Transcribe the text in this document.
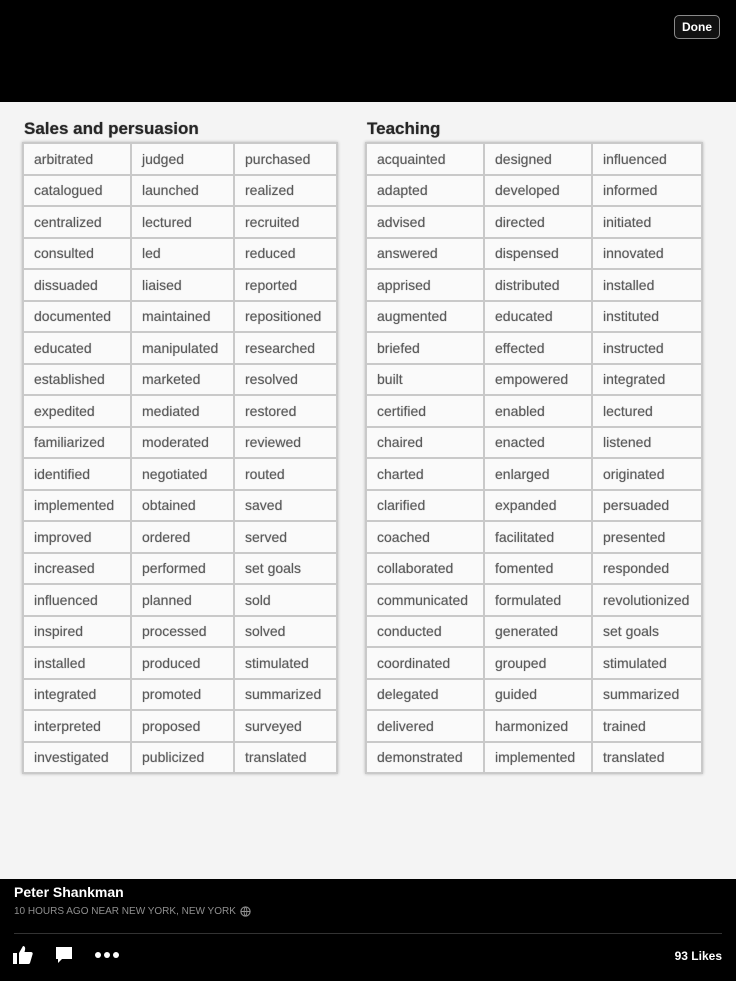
Done
Sales and persuasion
arbitrated	judged	purchased
catalogued	launched	realized
centralized	lectured	recruited
consulted	led	reduced
dissuaded	liaised	reported
documented	maintained	repositioned
educated	manipulated	researched
established	marketed	resolved
expedited	mediated	restored
familiarized	moderated	reviewed
identified	negotiated	routed
implemented	obtained	saved
improved	ordered	served
increased	performed	set goals
influenced	planned	sold
inspired	processed	solved
installed	produced	stimulated
integrated	promoted	summarized
interpreted	proposed	surveyed
investigated	publicized	translated
Teaching
acquainted	designed	influenced
adapted	developed	informed
advised	directed	initiated
answered	dispensed	innovated
apprised	distributed	installed
augmented	educated	instituted
briefed	effected	instructed
built	empowered	integrated
certified	enabled	lectured
chaired	enacted	listened
charted	enlarged	originated
clarified	expanded	persuaded
coached	facilitated	presented
collaborated	fomented	responded
communicated	formulated	revolutionized
conducted	generated	set goals
coordinated	grouped	stimulated
delegated	guided	summarized
delivered	harmonized	trained
demonstrated	implemented	translated
Peter Shankman
10 HOURS AGO NEAR NEW YORK, NEW YORK
93 Likes
